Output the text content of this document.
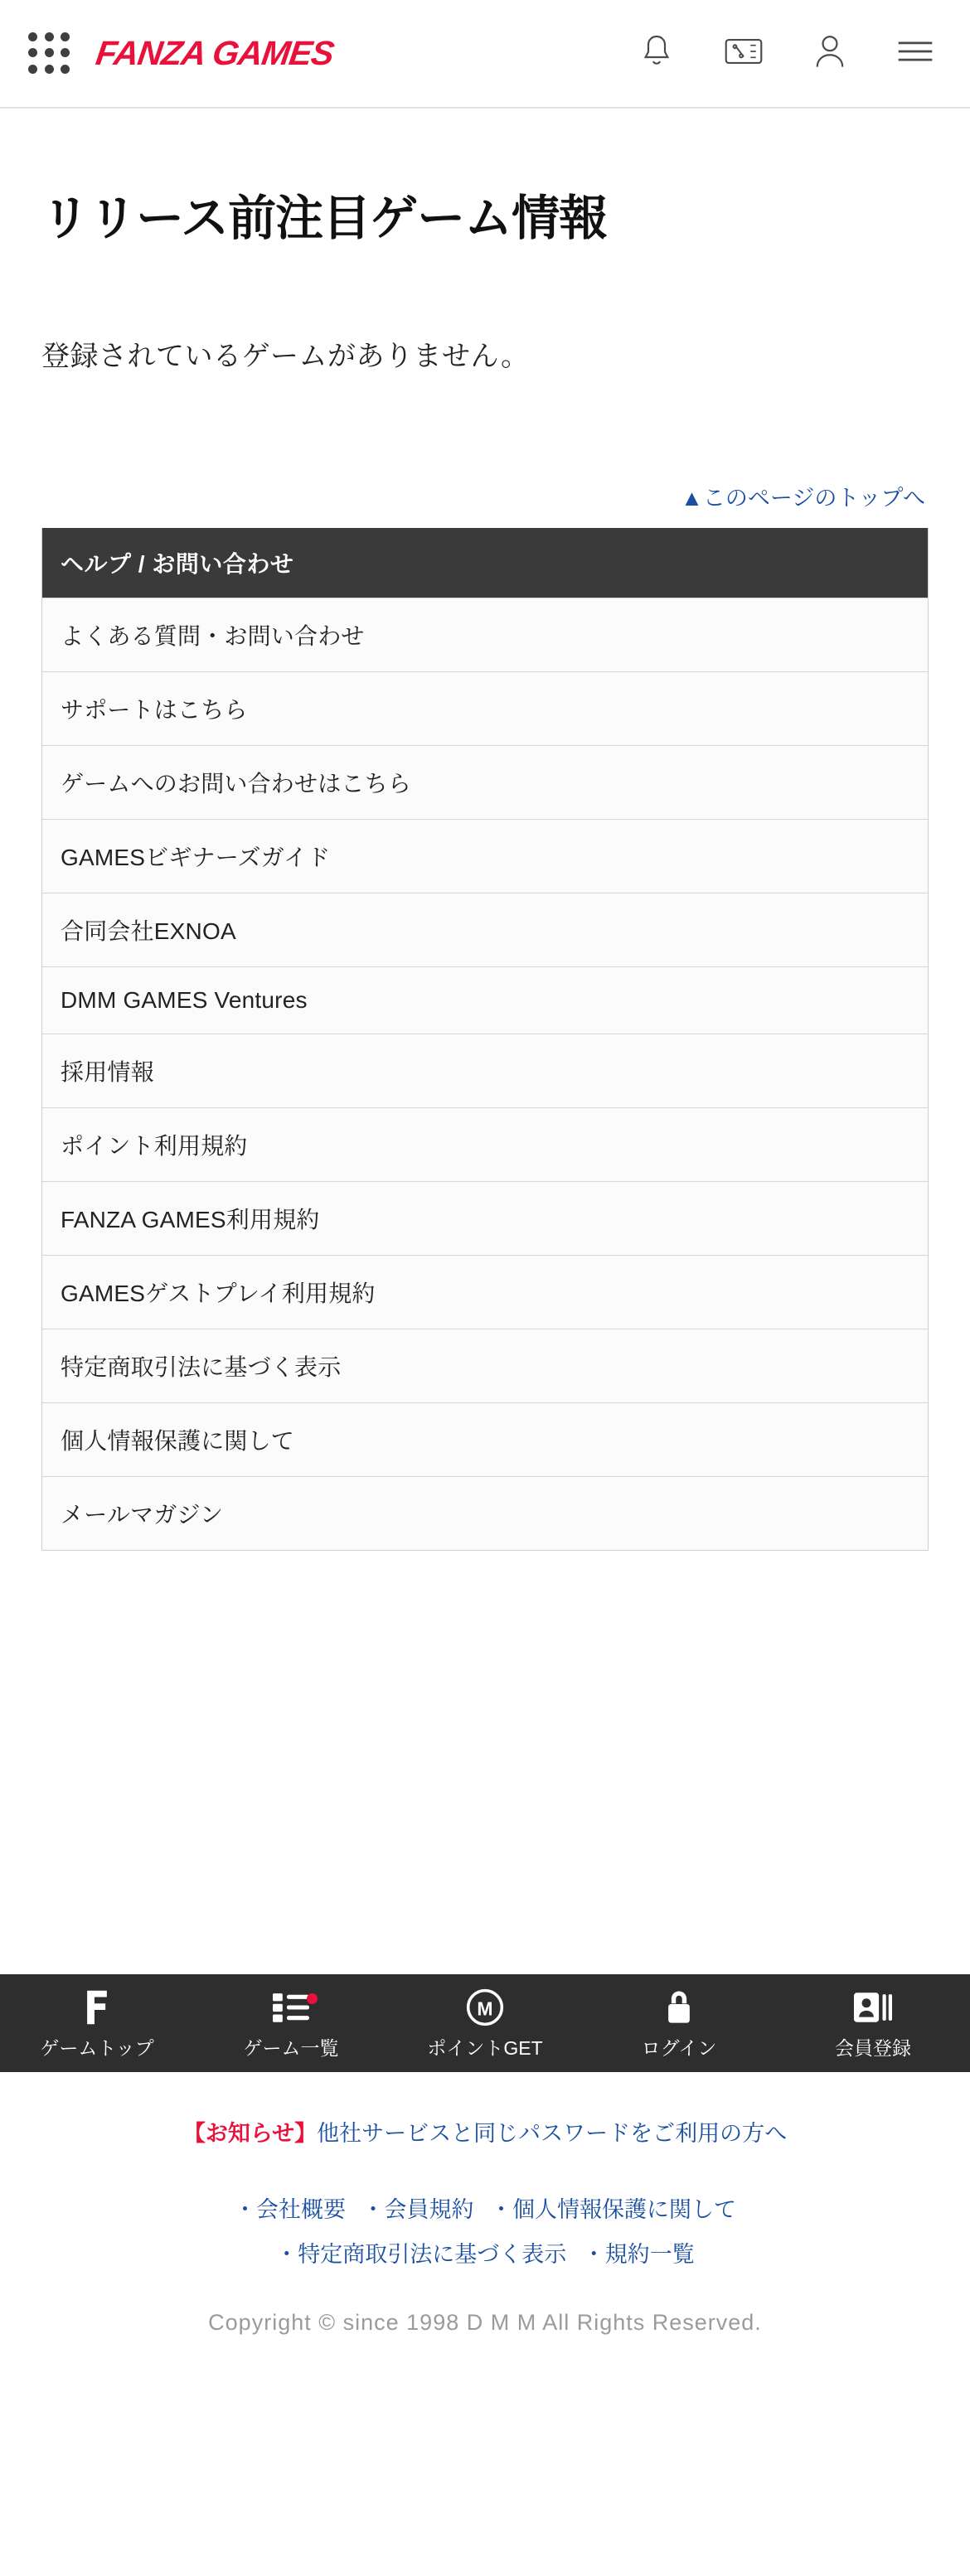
FANZA GAMES
リリース前注目ゲーム情報

登録されているゲームがありません。

▲このページのトップへ
ヘルプ / お問い合わせ
よくある質問・お問い合わせ
サポートはこちら
ゲームへのお問い合わせはこちら
GAMESビギナーズガイド
合同会社EXNOA
DMM GAMES Ventures
採用情報
ポイント利用規約
FANZA GAMES利用規約
GAMESゲストプレイ利用規約
特定商取引法に基づく表示
個人情報保護に関して
メールマガジン
ゲームトップ	ゲーム一覧
M
ポイントGET	ログイン	会員登録
【お知らせ】他社サービスと同じパスワードをご利用の方へ
・会社概要 ・会員規約 ・個人情報保護に関して
・特定商取引法に基づく表示 ・規約一覧
Copyright © since 1998 D M M All Rights Reserved.
